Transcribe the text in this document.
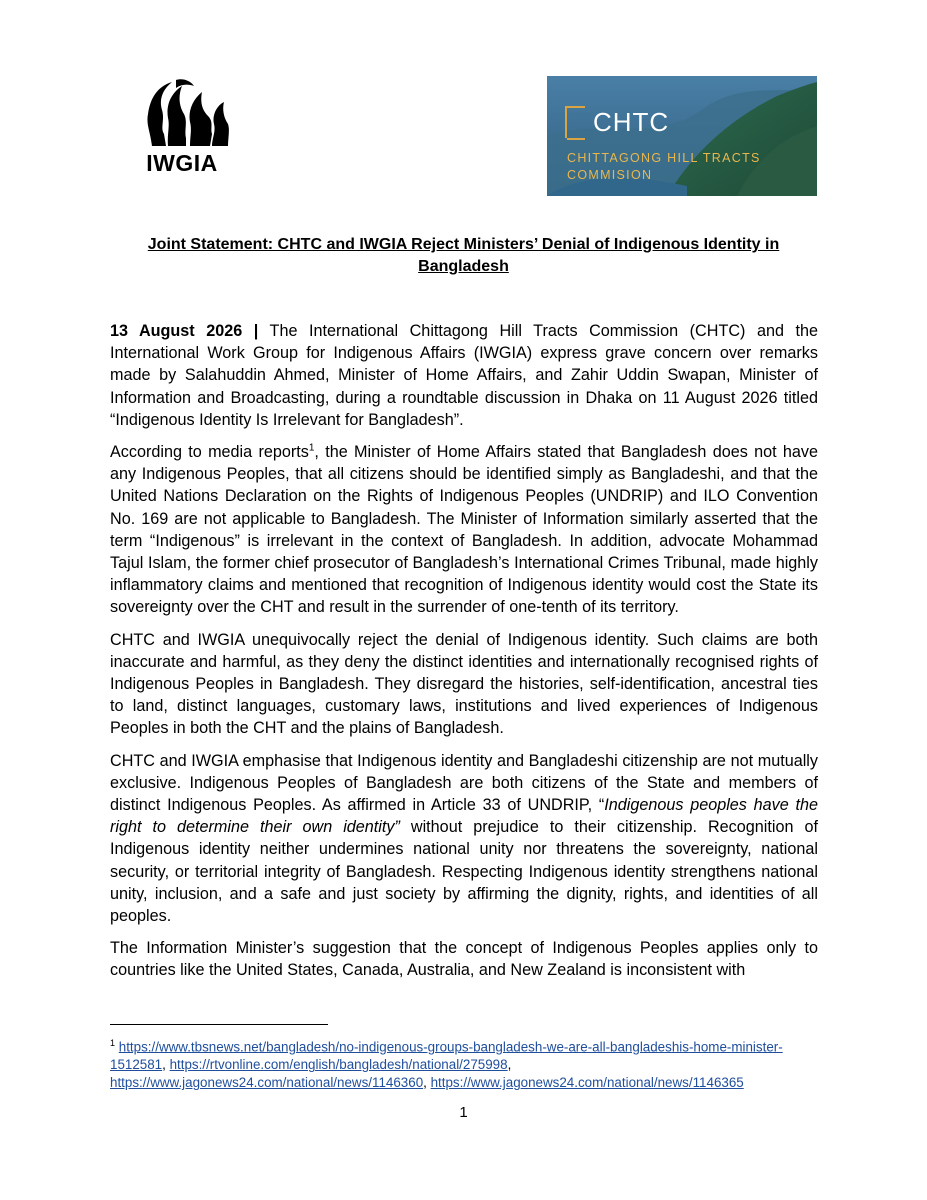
IWGIA
CHTC
CHITTAGONG HILL TRACTS
COMMISION
Joint Statement: CHTC and IWGIA Reject Ministers’ Denial of Indigenous Identity in Bangladesh

13 August 2026 | The International Chittagong Hill Tracts Commission (CHTC) and the International Work Group for Indigenous Affairs (IWGIA) express grave concern over remarks made by Salahuddin Ahmed, Minister of Home Affairs, and Zahir Uddin Swapan, Minister of Information and Broadcasting, during a roundtable discussion in Dhaka on 11 August 2026 titled “Indigenous Identity Is Irrelevant for Bangladesh”.

According to media reports$^1$, the Minister of Home Affairs stated that Bangladesh does not have any Indigenous Peoples, that all citizens should be identified simply as Bangladeshi, and that the United Nations Declaration on the Rights of Indigenous Peoples (UNDRIP) and ILO Convention No. 169 are not applicable to Bangladesh. The Minister of Information similarly asserted that the term “Indigenous” is irrelevant in the context of Bangladesh. In addition, advocate Mohammad Tajul Islam, the former chief prosecutor of Bangladesh’s International Crimes Tribunal, made highly inflammatory claims and mentioned that recognition of Indigenous identity would cost the State its sovereignty over the CHT and result in the surrender of one-tenth of its territory.

CHTC and IWGIA unequivocally reject the denial of Indigenous identity. Such claims are both inaccurate and harmful, as they deny the distinct identities and internationally recognised rights of Indigenous Peoples in Bangladesh. They disregard the histories, self-identification, ancestral ties to land, distinct languages, customary laws, institutions and lived experiences of Indigenous Peoples in both the CHT and the plains of Bangladesh.

CHTC and IWGIA emphasise that Indigenous identity and Bangladeshi citizenship are not mutually exclusive. Indigenous Peoples of Bangladesh are both citizens of the State and members of distinct Indigenous Peoples. As affirmed in Article 33 of UNDRIP, “Indigenous peoples have the right to determine their own identity” without prejudice to their citizenship. Recognition of Indigenous identity neither undermines national unity nor threatens the sovereignty, national security, or territorial integrity of Bangladesh. Respecting Indigenous identity strengthens national unity, inclusion, and a safe and just society by affirming the dignity, rights, and identities of all peoples.

The Information Minister’s suggestion that the concept of Indigenous Peoples applies only to countries like the United States, Canada, Australia, and New Zealand is inconsistent with

$^1$ https://www.tbsnews.net/bangladesh/no-indigenous-groups-bangladesh-we-are-all-bangladeshis-home-minister-1512581, https://rtvonline.com/english/bangladesh/national/275998,
https://www.jagonews24.com/national/news/1146360, https://www.jagonews24.com/national/news/1146365
1
